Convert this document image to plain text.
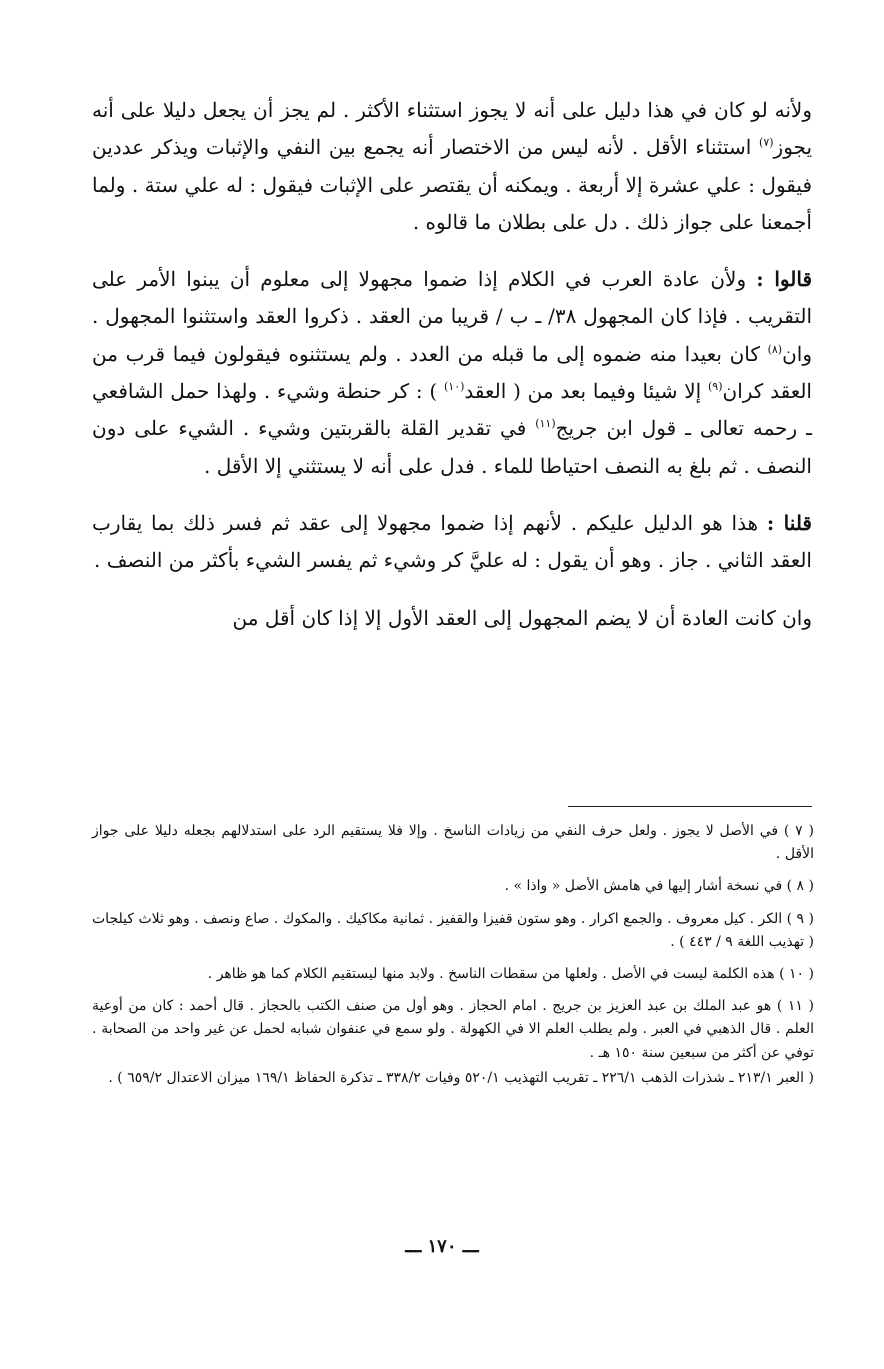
ولأنه لو كان في هذا دليل على أنه لا يجوز استثناء الأكثر . لم يجز أن يجعل دليلا على أنه يجوز$^{(٧)}$ استثناء الأقل . لأنه ليس من الاختصار أنه يجمع بين النفي والإثبات ويذكر عددين فيقول : علي عشرة إلا أربعة . ويمكنه أن يقتصر على الإثبات فيقول : له علي ستة . ولما أجمعنا على جواز ذلك . دل على بطلان ما قالوه .

قالوا : ولأن عادة العرب في الكلام إذا ضموا مجهولا إلى معلوم أن يبنوا الأمر على التقريب . فإذا كان المجهول ٣٨/ ـ ب / قريبا من العقد . ذكروا العقد واستثنوا المجهول . وان$^{(٨)}$ كان بعيدا منه ضموه إلى ما قبله من العدد . ولم يستثنوه فيقولون فيما قرب من العقد كران$^{(٩)}$ إلا شيئا وفيما بعد من ( العقد$^{(١٠)}$ ) : كر حنطة وشيء . ولهذا حمل الشافعي ـ رحمه تعالى ـ قول ابن جريج$^{(١١)}$ في تقدير القلة بالقربتين وشيء . الشيء على دون النصف . ثم بلغ به النصف احتياطا للماء . فدل على أنه لا يستثني إلا الأقل .

قلنا : هذا هو الدليل عليكم . لأنهم إذا ضموا مجهولا إلى عقد ثم فسر ذلك بما يقارب العقد الثاني . جاز . وهو أن يقول : له عليَّ كر وشيء ثم يفسر الشيء بأكثر من النصف .

وان كانت العادة أن لا يضم المجهول إلى العقد الأول إلا إذا كان أقل من

( ٧ ) في الأصل لا يجوز . ولعل حرف النفي من زيادات الناسخ . وإلا فلا يستقيم الرد على استدلالهم بجعله دليلا على جواز الأقل .

( ٨ ) في نسخة أشار إليها في هامش الأصل « واذا » .

( ٩ ) الكر . كيل معروف . والجمع اكرار . وهو ستون قفيزا والقفيز . ثمانية مكاكيك . والمكوك . صاع ونصف . وهو ثلاث كيلجات ( تهذيب اللغة ٩ / ٤٤٣ ) .

( ١٠ ) هذه الكلمة ليست في الأصل . ولعلها من سقطات الناسخ . ولابد منها ليستقيم الكلام كما هو ظاهر .

( ١١ ) هو عبد الملك بن عبد العزيز بن جريج . امام الحجاز . وهو أول من صنف الكتب بالحجاز . قال أحمد : كان من أوعية العلم . قال الذهبي في العبر . ولم يطلب العلم الا في الكهولة . ولو سمع في عنفوان شبابه لحمل عن غير واحد من الصحابة . توفي عن أكثر من سبعين سنة ١٥٠ هـ .

( العبر ٢١٣/١ ـ شذرات الذهب ٢٢٦/١ ـ تقريب التهذيب ٥٢٠/١ وفيات ٣٣٨/٢ ـ تذكرة الحفاظ ١٦٩/١ ميزان الاعتدال ٦٥٩/٢ ) .

ـــ ١٧٠ ـــ
